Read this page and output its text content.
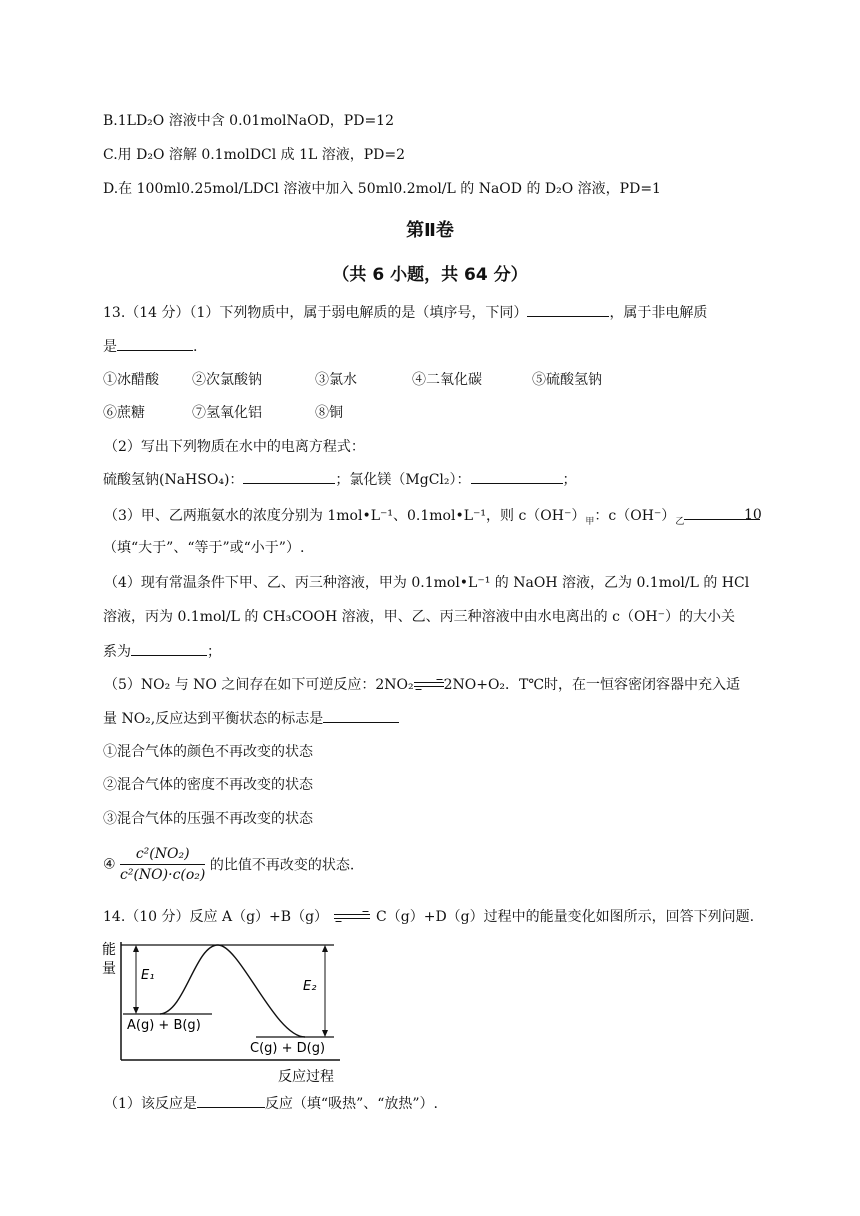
B.1LD₂O 溶液中含 0.01molNaOD，PD=12
C.用 D₂O 溶解 0.1molDCl 成 1L 溶液，PD=2
D.在 100ml0.25mol/LDCl 溶液中加入 50ml0.2mol/L 的 NaOD 的 D₂O 溶液，PD=1
第Ⅱ卷
（共 6 小题，共 64 分）
13.（14 分）（1）下列物质中，属于弱电解质的是（填序号，下同）	，属于非电解质
是	.
①冰醋酸 ②次氯酸钠	③氯水	④二氧化碳	⑤硫酸氢钠
⑥蔗糖	⑦氢氧化铝	⑧铜
（2）写出下列物质在水中的电离方程式：
硫酸氢钠(NaHSO₄)：	；氯化镁（MgCl₂）：	；
（3）甲、乙两瓶氨水的浓度分别为 1mol•L⁻¹、0.1mol•L⁻¹，则 $c(OH^-)_甲$：$c(OH^-)_乙$	10
（填“大于”、“等于”或“小于”）.
（4）现有常温条件下甲、乙、丙三种溶液，甲为 0.1mol•L⁻¹ 的 NaOH 溶液，乙为 0.1mol/L 的 HCl
溶液，丙为 0.1mol/L 的 CH₃COOH 溶液，甲、乙、丙三种溶液中由水电离出的 c（OH⁻）的大小关
系为	；
（5）NO₂ 与 NO 之间存在如下可逆反应：2NO₂→2NO+O₂．T℃时，在一恒容密闭容器中充入适
量 NO₂,反应达到平衡状态的标志是
①混合气体的颜色不再改变的状态
②混合气体的密度不再改变的状态
③混合气体的压强不再改变的状态
④ $\frac{\text{c²(NO₂)}}{\text{c²(NO)·c(o₂)}}$ 的比值不再改变的状态.
14.（10 分）反应 A（g）+B（g） → C（g）+D（g）过程中的能量变化如图所示，回答下列问题.
能
量 E₁
E₂
A(g) + B(g)
C(g) + D(g)
反应过程
（1）该反应是	反应（填“吸热”、“放热”）.
